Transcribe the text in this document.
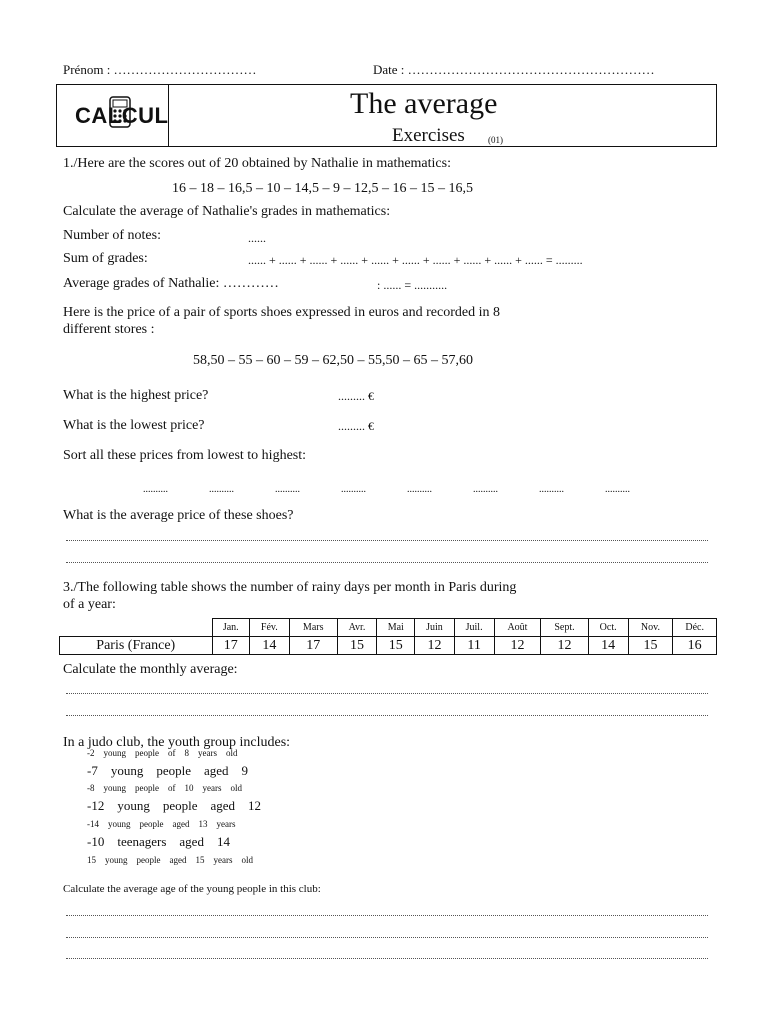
Prénom : ……………………………	Date : …………………………………………………
CALCUL	The average
Exercises	(01)
1./Here are the scores out of 20 obtained by Nathalie in mathematics:
16 – 18 – 16,5 – 10 – 14,5 – 9 – 12,5 – 16 – 15 – 16,5
Calculate the average of Nathalie's grades in mathematics:
Number of notes:	......
Sum of grades:	...... + ...... + ...... + ...... + ...... + ...... + ...... + ...... + ...... + ...... = .........
Average grades of Nathalie: …………	: ...... = ...........
Here is the price of a pair of sports shoes expressed in euros and recorded in 8
different stores :
58,50 – 55 – 60 – 59 – 62,50 – 55,50 – 65 – 57,60
What is the highest price?	......... €
What is the lowest price?	......... €
Sort all these prices from lowest to highest:
..........	..........	..........	..........	..........	..........	..........	..........
What is the average price of these shoes?
3./The following table shows the number of rainy days per month in Paris during
of a year:
	Jan.	Fév.	Mars	Avr.	Mai	Juin	Juil.	Août	Sept.	Oct.	Nov.	Déc.
Paris (France)	17	14	17	15	15	12	11	12	12	14	15	16
Calculate the monthly average:
In a judo club, the youth group includes:
-2    young    people    of    8    years    old
-7    young    people    aged    9
-8    young    people    of    10    years    old
-12    young    people    aged    12
-14    young    people    aged    13    years
-10    teenagers    aged    14
15    young    people    aged    15    years    old
Calculate the average age of the young people in this club:
